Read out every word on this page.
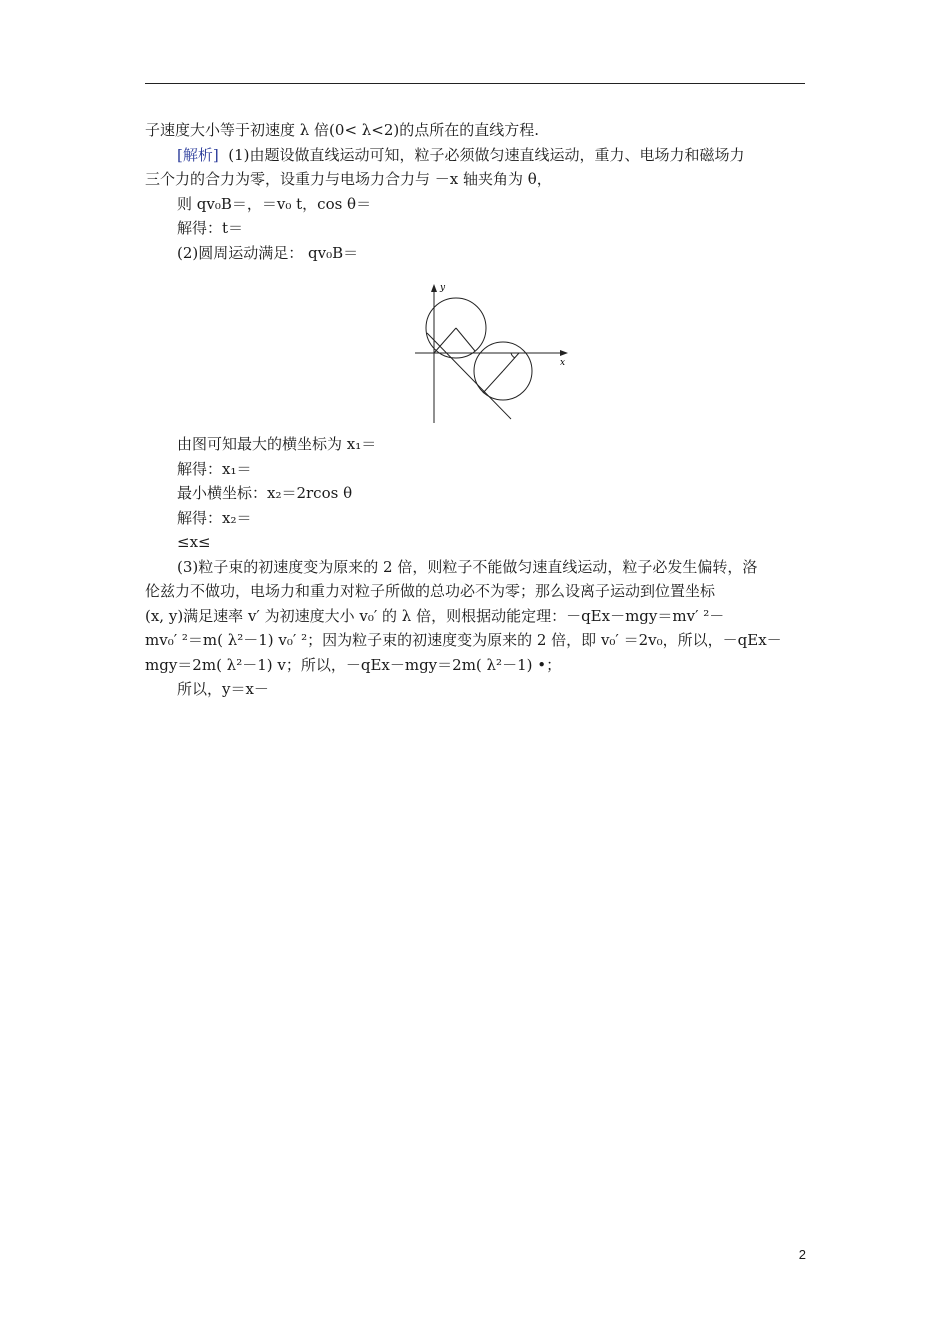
子速度大小等于初速度 λ 倍(0< λ<2)的点所在的直线方程.
[解析] (1)由题设做直线运动可知，粒子必须做匀速直线运动，重力、电场力和磁场力
三个力的合力为零，设重力与电场力合力与 －x 轴夹角为 θ，
则 qv₀B＝，＝v₀ t，cos θ＝
解得：t＝
(2)圆周运动满足： qv₀B＝
由图可知最大的横坐标为 x₁＝
解得：x₁＝
最小横坐标：x₂＝2rcos θ
解得：x₂＝
≤x≤
(3)粒子束的初速度变为原来的 2 倍，则粒子不能做匀速直线运动，粒子必发生偏转，洛
伦兹力不做功，电场力和重力对粒子所做的总功必不为零；那么设离子运动到位置坐标
(x, y)满足速率 v′ 为初速度大小 v₀′ 的 λ 倍，则根据动能定理：－qEx－mgy＝mv′ ²－
mv₀′ ²＝m( λ²－1) v₀′ ²；因为粒子束的初速度变为原来的 2 倍，即 v₀′ ＝2v₀，所以，－qEx－
mgy＝2m( λ²－1) v；所以，－qEx－mgy＝2m( λ²－1) •；
所以，y＝x－
x
y
2
